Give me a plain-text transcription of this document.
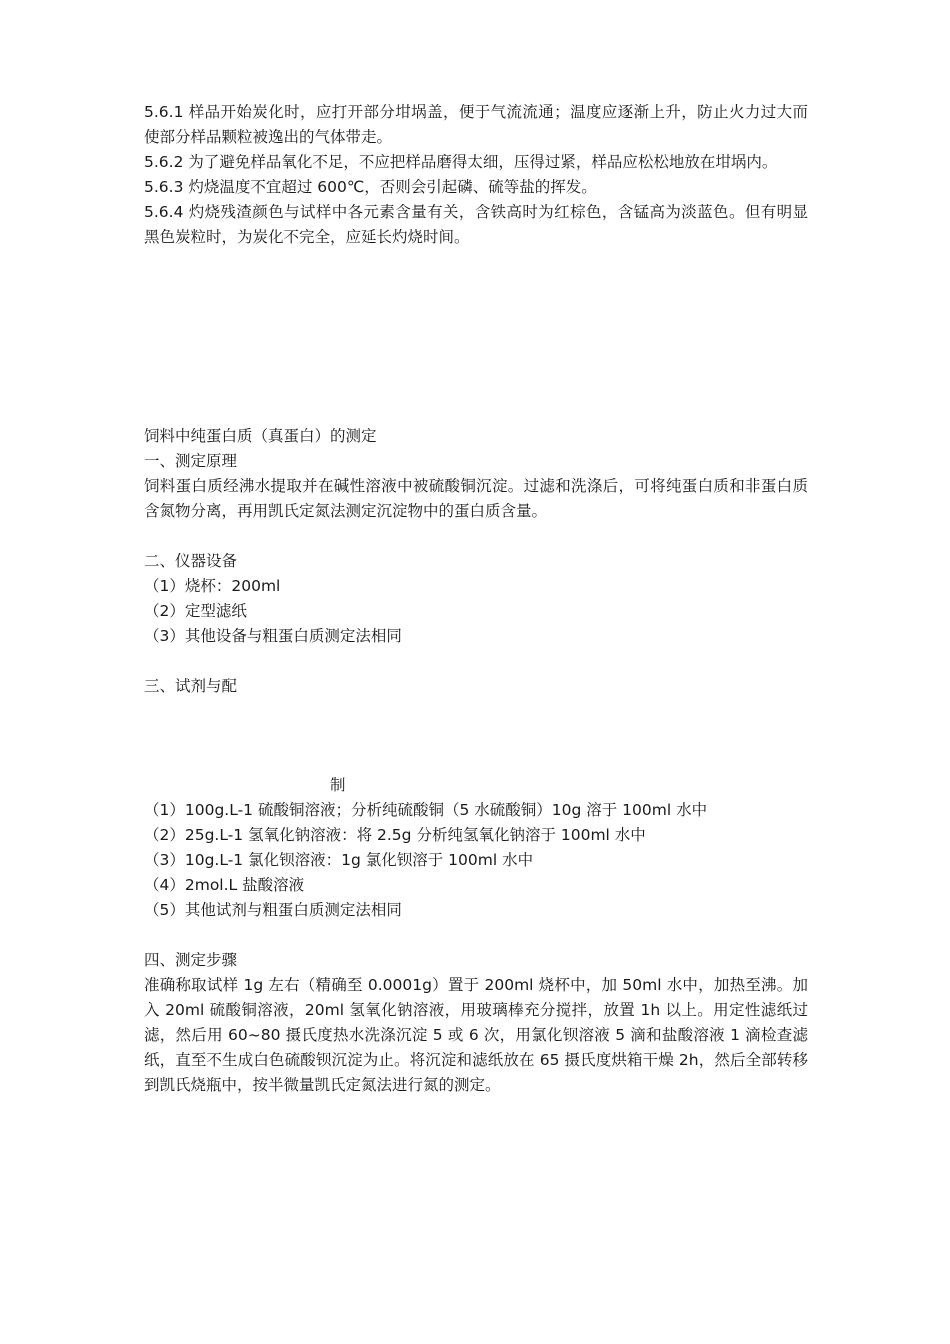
5.6.1 样品开始炭化时，应打开部分坩埚盖，便于气流流通；温度应逐渐上升，防止火力过大而使部分样品颗粒被逸出的气体带走。

5.6.2 为了避免样品氧化不足，不应把样品磨得太细，压得过紧，样品应松松地放在坩埚内。

5.6.3 灼烧温度不宜超过 600℃，否则会引起磷、硫等盐的挥发。

5.6.4 灼烧残渣颜色与试样中各元素含量有关，含铁高时为红棕色，含锰高为淡蓝色。但有明显黑色炭粒时，为炭化不完全，应延长灼烧时间。

饲料中纯蛋白质（真蛋白）的测定

一、测定原理

饲料蛋白质经沸水提取并在碱性溶液中被硫酸铜沉淀。过滤和洗涤后，可将纯蛋白质和非蛋白质含氮物分离，再用凯氏定氮法测定沉淀物中的蛋白质含量。

二、仪器设备

（1）烧杯：200ml

（2）定型滤纸

（3）其他设备与粗蛋白质测定法相同

三、试剂与配

制

（1）100g.L-1 硫酸铜溶液；分析纯硫酸铜（5 水硫酸铜）10g 溶于 100ml 水中

（2）25g.L-1 氢氧化钠溶液：将 2.5g 分析纯氢氧化钠溶于 100ml 水中

（3）10g.L-1 氯化钡溶液：1g 氯化钡溶于 100ml 水中

（4）2mol.L 盐酸溶液

（5）其他试剂与粗蛋白质测定法相同

四、测定步骤

准确称取试样 1g 左右（精确至 0.0001g）置于 200ml 烧杯中，加 50ml 水中，加热至沸。加入 20ml 硫酸铜溶液，20ml 氢氧化钠溶液，用玻璃棒充分搅拌，放置 1h 以上。用定性滤纸过滤，然后用 60~80 摄氏度热水洗涤沉淀 5 或 6 次，用氯化钡溶液 5 滴和盐酸溶液 1 滴检查滤纸，直至不生成白色硫酸钡沉淀为止。将沉淀和滤纸放在 65 摄氏度烘箱干燥 2h，然后全部转移到凯氏烧瓶中，按半微量凯氏定氮法进行氮的测定。
